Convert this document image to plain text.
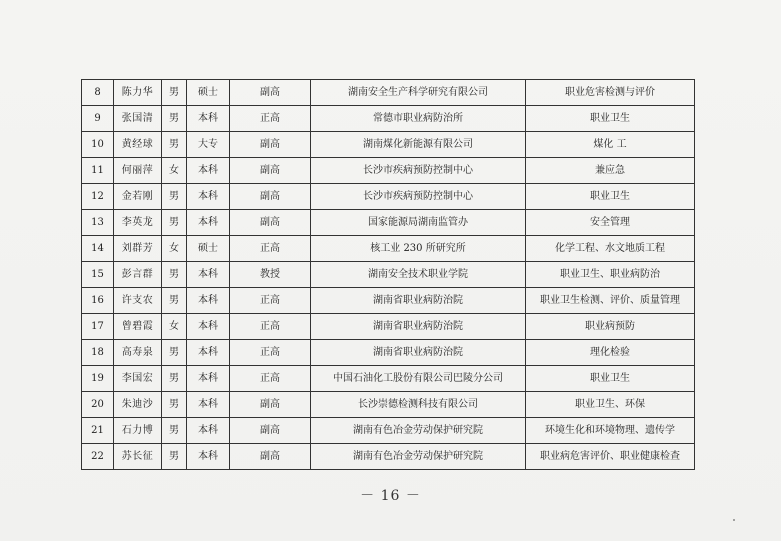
8	陈力华	男	硕士	副高	湖南安全生产科学研究有限公司	职业危害检测与评价
9	张国清	男	本科	正高	常德市职业病防治所	职业卫生
10	黄经球	男	大专	副高	湖南煤化新能源有限公司	煤化 工
11	何丽萍	女	本科	副高	长沙市疾病预防控制中心	兼应急
12	金若刚	男	本科	副高	长沙市疾病预防控制中心	职业卫生
13	李英龙	男	本科	副高	国家能源局湖南监管办	安全管理
14	刘群芳	女	硕士	正高	核工业 230 所研究所	化学工程、水文地质工程
15	彭言群	男	本科	教授	湖南安全技术职业学院	职业卫生、职业病防治
16	许支农	男	本科	正高	湖南省职业病防治院	职业卫生检测、评价、质量管理
17	曾碧霞	女	本科	正高	湖南省职业病防治院	职业病预防
18	高寿泉	男	本科	正高	湖南省职业病防治院	理化检验
19	李国宏	男	本科	正高	中国石油化工股份有限公司巴陵分公司	职业卫生
20	朱迪沙	男	本科	副高	长沙崇德检测科技有限公司	职业卫生、环保
21	石力博	男	本科	副高	湖南有色冶金劳动保护研究院	环境生化和环境物理、遗传学
22	苏长征	男	本科	副高	湖南有色冶金劳动保护研究院	职业病危害评价、职业健康检查
－ 16 －
